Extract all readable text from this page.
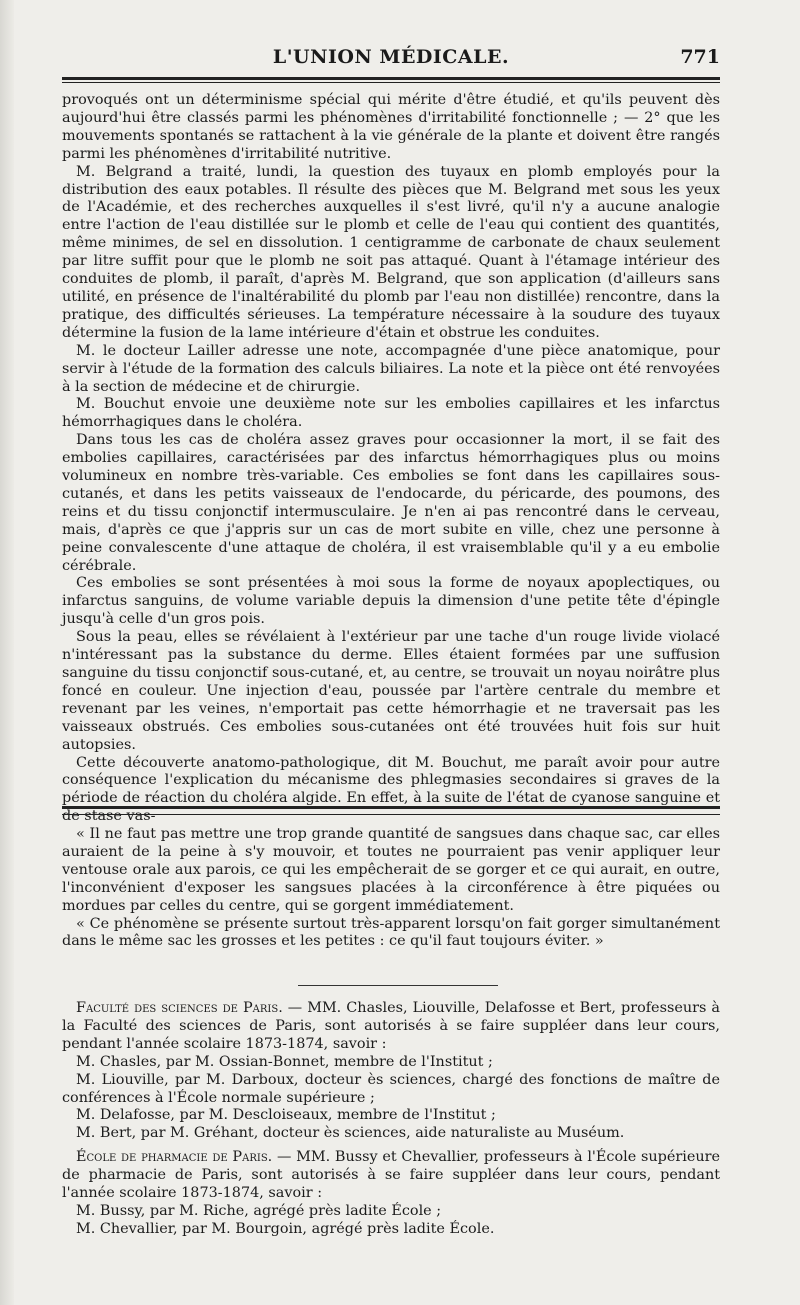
L'UNION MÉDICALE.	771

provoqués ont un déterminisme spécial qui mérite d'être étudié, et qu'ils peuvent dès aujourd'hui être classés parmi les phénomènes d'irritabilité fonctionnelle ; — 2° que les mouvements spontanés se rattachent à la vie générale de la plante et doivent être rangés parmi les phénomènes d'irritabilité nutritive.

M. Belgrand a traité, lundi, la question des tuyaux en plomb employés pour la distribution des eaux potables. Il résulte des pièces que M. Belgrand met sous les yeux de l'Académie, et des recherches auxquelles il s'est livré, qu'il n'y a aucune analogie entre l'action de l'eau distillée sur le plomb et celle de l'eau qui contient des quantités, même minimes, de sel en dissolution. 1 centigramme de carbonate de chaux seulement par litre suffit pour que le plomb ne soit pas attaqué. Quant à l'étamage intérieur des conduites de plomb, il paraît, d'après M. Belgrand, que son application (d'ailleurs sans utilité, en présence de l'inaltérabilité du plomb par l'eau non distillée) rencontre, dans la pratique, des difficultés sérieuses. La température nécessaire à la soudure des tuyaux détermine la fusion de la lame intérieure d'étain et obstrue les conduites.

M. le docteur Lailler adresse une note, accompagnée d'une pièce anatomique, pour servir à l'étude de la formation des calculs biliaires. La note et la pièce ont été renvoyées à la section de médecine et de chirurgie.

M. Bouchut envoie une deuxième note sur les embolies capillaires et les infarctus hémorrhagiques dans le choléra.

Dans tous les cas de choléra assez graves pour occasionner la mort, il se fait des embolies capillaires, caractérisées par des infarctus hémorrhagiques plus ou moins volumineux en nombre très-variable. Ces embolies se font dans les capillaires sous-cutanés, et dans les petits vaisseaux de l'endocarde, du péricarde, des poumons, des reins et du tissu conjonctif intermusculaire. Je n'en ai pas rencontré dans le cerveau, mais, d'après ce que j'appris sur un cas de mort subite en ville, chez une personne à peine convalescente d'une attaque de choléra, il est vraisemblable qu'il y a eu embolie cérébrale.

Ces embolies se sont présentées à moi sous la forme de noyaux apoplectiques, ou infarctus sanguins, de volume variable depuis la dimension d'une petite tête d'épingle jusqu'à celle d'un gros pois.

Sous la peau, elles se révélaient à l'extérieur par une tache d'un rouge livide violacé n'intéressant pas la substance du derme. Elles étaient formées par une suffusion sanguine du tissu conjonctif sous-cutané, et, au centre, se trouvait un noyau noirâtre plus foncé en couleur. Une injection d'eau, poussée par l'artère centrale du membre et revenant par les veines, n'emportait pas cette hémorrhagie et ne traversait pas les vaisseaux obstrués. Ces embolies sous-cutanées ont été trouvées huit fois sur huit autopsies.

Cette découverte anatomo-pathologique, dit M. Bouchut, me paraît avoir pour autre conséquence l'explication du mécanisme des phlegmasies secondaires si graves de la période de réaction du choléra algide. En effet, à la suite de l'état de cyanose sanguine et de stase vas-

« Il ne faut pas mettre une trop grande quantité de sangsues dans chaque sac, car elles auraient de la peine à s'y mouvoir, et toutes ne pourraient pas venir appliquer leur ventouse orale aux parois, ce qui les empêcherait de se gorger et ce qui aurait, en outre, l'inconvénient d'exposer les sangsues placées à la circonférence à être piquées ou mordues par celles du centre, qui se gorgent immédiatement.

« Ce phénomène se présente surtout très-apparent lorsqu'on fait gorger simultanément dans le même sac les grosses et les petites : ce qu'il faut toujours éviter. »

Faculté des sciences de Paris. — MM. Chasles, Liouville, Delafosse et Bert, professeurs à la Faculté des sciences de Paris, sont autorisés à se faire suppléer dans leur cours, pendant l'année scolaire 1873-1874, savoir :

M. Chasles, par M. Ossian-Bonnet, membre de l'Institut ;

M. Liouville, par M. Darboux, docteur ès sciences, chargé des fonctions de maître de conférences à l'École normale supérieure ;

M. Delafosse, par M. Descloiseaux, membre de l'Institut ;

M. Bert, par M. Gréhant, docteur ès sciences, aide naturaliste au Muséum.

École de pharmacie de Paris. — MM. Bussy et Chevallier, professeurs à l'École supérieure de pharmacie de Paris, sont autorisés à se faire suppléer dans leur cours, pendant l'année scolaire 1873-1874, savoir :

M. Bussy, par M. Riche, agrégé près ladite École ;

M. Chevallier, par M. Bourgoin, agrégé près ladite École.
